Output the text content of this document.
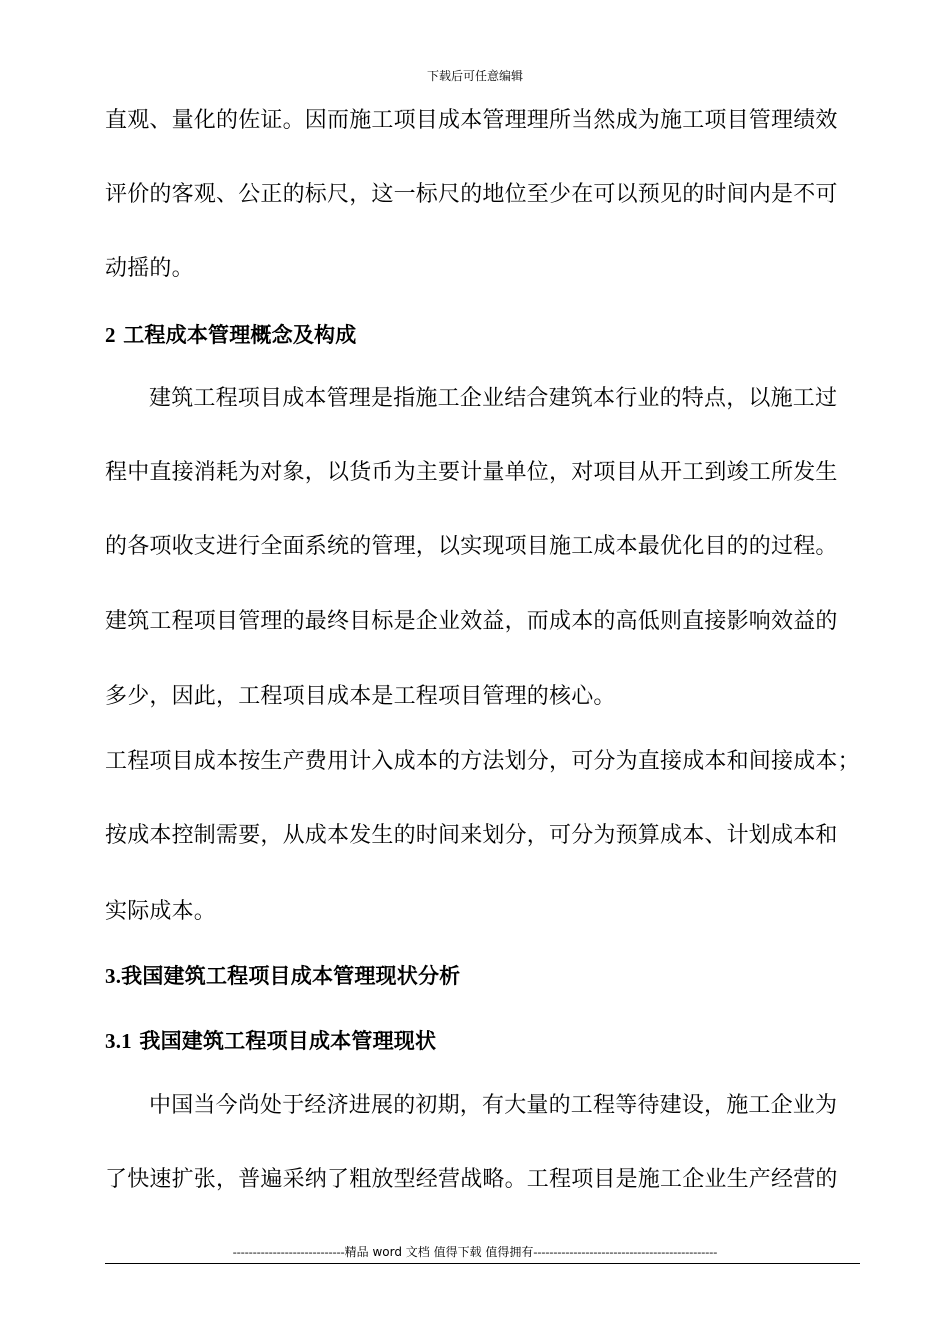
下载后可任意编辑
直观、量化的佐证。因而施工项目成本管理理所当然成为施工项目管理绩效
评价的客观、公正的标尺，这一标尺的地位至少在可以预见的时间内是不可
动摇的。
2 工程成本管理概念及构成
建筑工程项目成本管理是指施工企业结合建筑本行业的特点，以施工过
程中直接消耗为对象，以货币为主要计量单位，对项目从开工到竣工所发生
的各项收支进行全面系统的管理，以实现项目施工成本最优化目的的过程。
建筑工程项目管理的最终目标是企业效益，而成本的高低则直接影响效益的
多少，因此，工程项目成本是工程项目管理的核心。
工程项目成本按生产费用计入成本的方法划分，可分为直接成本和间接成本；
按成本控制需要，从成本发生的时间来划分，可分为预算成本、计划成本和
实际成本。
3.我国建筑工程项目成本管理现状分析
3.1 我国建筑工程项目成本管理现状
中国当今尚处于经济进展的初期，有大量的工程等待建设，施工企业为
了快速扩张，普遍采纳了粗放型经营战略。工程项目是施工企业生产经营的
----------------------------精品 word 文档 值得下载 值得拥有----------------------------------------------
